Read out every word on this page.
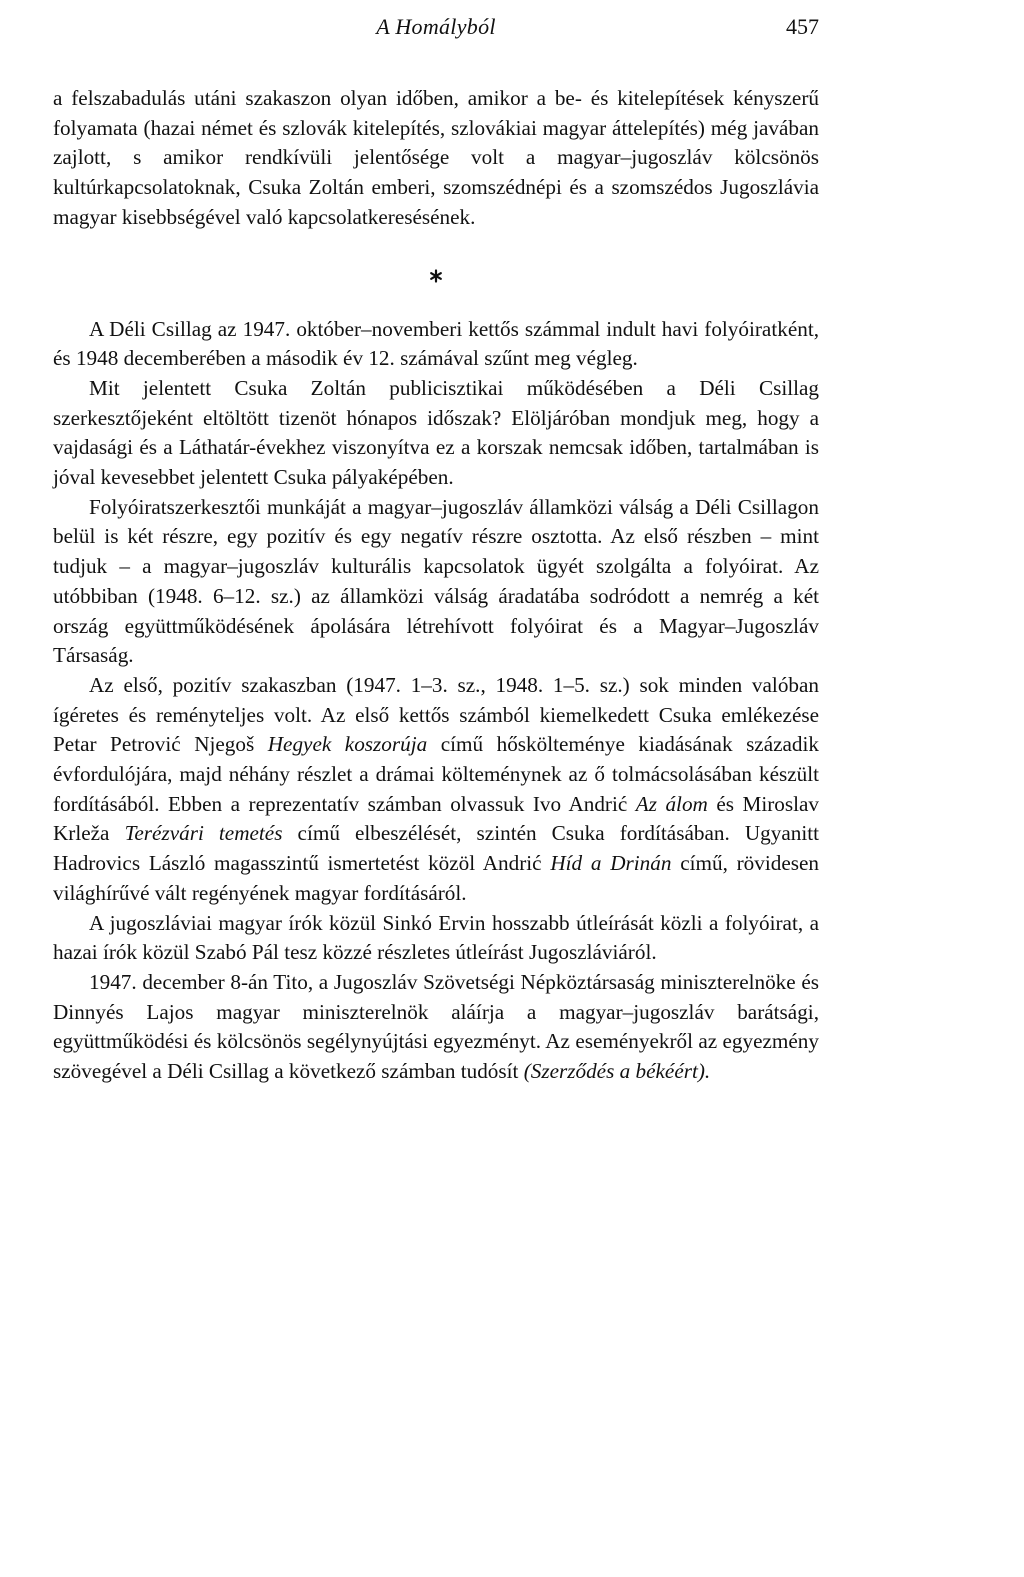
A Homályból	457

a felszabadulás utáni szakaszon olyan időben, amikor a be- és kitelepítések kényszerű folyamata (hazai német és szlovák kitelepítés, szlovákiai magyar áttelepítés) még javában zajlott, s amikor rendkívüli jelentősége volt a magyar–jugoszláv kölcsönös kultúrkapcsolatoknak, Csuka Zoltán emberi, szomszédnépi és a szomszédos Jugoszlávia magyar kisebbségével való kapcsolatkeresésének.

A Déli Csillag az 1947. október–novemberi kettős számmal indult havi folyóiratként, és 1948 decemberében a második év 12. számával szűnt meg végleg.

Mit jelentett Csuka Zoltán publicisztikai működésében a Déli Csillag szerkesztőjeként eltöltött tizenöt hónapos időszak? Elöljáróban mondjuk meg, hogy a vajdasági és a Láthatár-évekhez viszonyítva ez a korszak nemcsak időben, tartalmában is jóval kevesebbet jelentett Csuka pályaképében.

Folyóiratszerkesztői munkáját a magyar–jugoszláv államközi válság a Déli Csillagon belül is két részre, egy pozitív és egy negatív részre osztotta. Az első részben – mint tudjuk – a magyar–jugoszláv kulturális kapcsolatok ügyét szolgálta a folyóirat. Az utóbbiban (1948. 6–12. sz.) az államközi válság áradatába sodródott a nemrég a két ország együttműködésének ápolására létrehívott folyóirat és a Magyar–Jugoszláv Társaság.

Az első, pozitív szakaszban (1947. 1–3. sz., 1948. 1–5. sz.) sok minden valóban ígéretes és reményteljes volt. Az első kettős számból kiemelkedett Csuka emlékezése Petar Petrović Njegoš Hegyek koszorúja című hőskölteménye kiadásának századik évfordulójára, majd néhány részlet a drámai költeménynek az ő tolmácsolásában készült fordításából. Ebben a reprezentatív számban olvassuk Ivo Andrić Az álom és Miroslav Krleža Terézvári temetés című elbeszélését, szintén Csuka fordításában. Ugyanitt Hadrovics László magasszintű ismertetést közöl Andrić Híd a Drinán című, rövidesen világhírűvé vált regényének magyar fordításáról.

A jugoszláviai magyar írók közül Sinkó Ervin hosszabb útleírását közli a folyóirat, a hazai írók közül Szabó Pál tesz közzé részletes útleírást Jugoszláviáról.

1947. december 8-án Tito, a Jugoszláv Szövetségi Népköztársaság miniszterelnöke és Dinnyés Lajos magyar miniszterelnök aláírja a magyar–jugoszláv barátsági, együttműködési és kölcsönös segélynyújtási egyezményt. Az eseményekről az egyezmény szövegével a Déli Csillag a következő számban tudósít (Szerződés a békéért).
